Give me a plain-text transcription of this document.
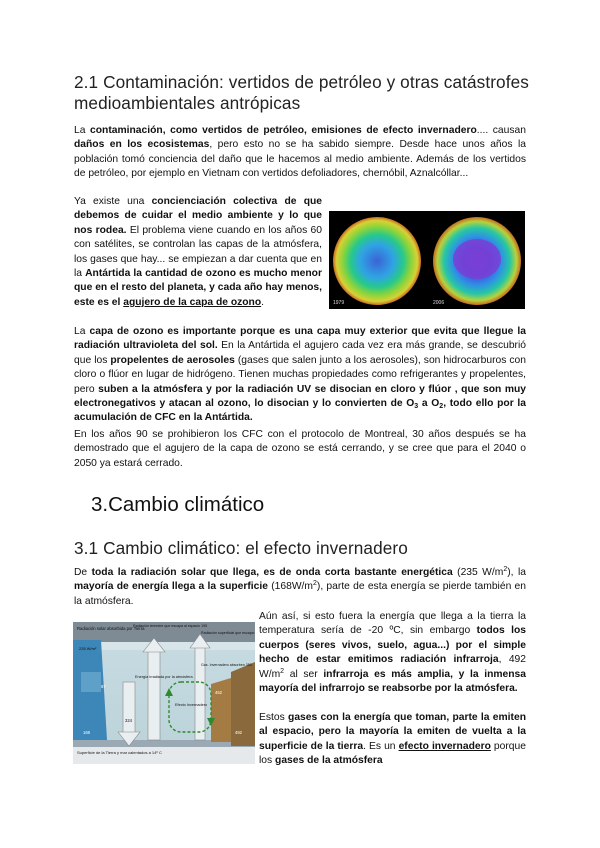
2.1 Contaminación: vertidos de petróleo y otras catástrofes
medioambientales antrópicas
La contaminación, como vertidos de petróleo, emisiones de efecto invernadero.... causan daños en los ecosistemas, pero esto no se ha sabido siempre. Desde hace unos años la población tomó conciencia del daño que le hacemos al medio ambiente. Además de los vertidos de petróleo, por ejemplo en Vietnam con vertidos defoliadores, chernóbil, Aznalcóllar...
Ya existe una concienciación colectiva de que debemos de cuidar el medio ambiente y lo que nos rodea. El problema viene cuando en los años 60 con satélites, se controlan las capas de la atmósfera, los gases que hay... se empiezan a dar cuenta que en la Antártida la cantidad de ozono es mucho menor que en el resto del planeta, y cada año hay menos, este es el agujero de la capa de ozono.	1979	2006
La capa de ozono es importante porque es una capa muy exterior que evita que llegue la radiación ultravioleta del sol. En la Antártida el agujero cada vez era más grande, se descubrió que los propelentes de aerosoles (gases que salen junto a los aerosoles), son hidrocarburos con cloro o flúor en lugar de hidrógeno. Tienen muchas propiedades como refrigerantes y propelentes, pero suben a la atmósfera y por la radiación UV se disocian en cloro y flúor , que son muy electronegativos y atacan al ozono, lo disocian y lo convierten de $O_3$ a $O_2$, todo ello por la acumulación de CFC en la Antártida.
En los años 90 se prohibieron los CFC con el protocolo de Montreal, 30 años después se ha demostrado que el agujero de la capa de ozono se está cerrando, y se cree que para el 2040 o 2050 ya estará cerrado.
3.Cambio climático
3.1 Cambio climático: el efecto invernadero
De toda la radiación solar que llega, es de onda corta bastante energética (235 $W/m^2$), la mayoría de energía llega a la superficie $(168W/m^2)$, parte de esta energía se pierde también en la atmósfera.
Radiación solar absorbida por Tierra
235 W/m²
Radiación terrestre que escapa al espacio 195
Radiación superficial que escapa: 40
Gas. Invernadero absorben 350
Energía irradiada por la atmósfera
Efecto Invernadero
Superficie de la Tierra y mar calentados a 14º C
67
168
324
452
492
Aún así, si esto fuera la energía que llega a la tierra la temperatura sería de -20 ºC, sin embargo todos los cuerpos (seres vivos, suelo, agua...) por el simple hecho de estar emitimos radiación infrarroja, 492 $W/m^2$ al ser infrarroja es más amplia, y la inmensa mayoría del infrarrojo se reabsorbe por la atmósfera.
Estos gases con la energía que toman, parte la emiten al espacio, pero la mayoría la emiten de vuelta a la superficie de la tierra. Es un efecto invernadero porque los gases de la atmósfera
